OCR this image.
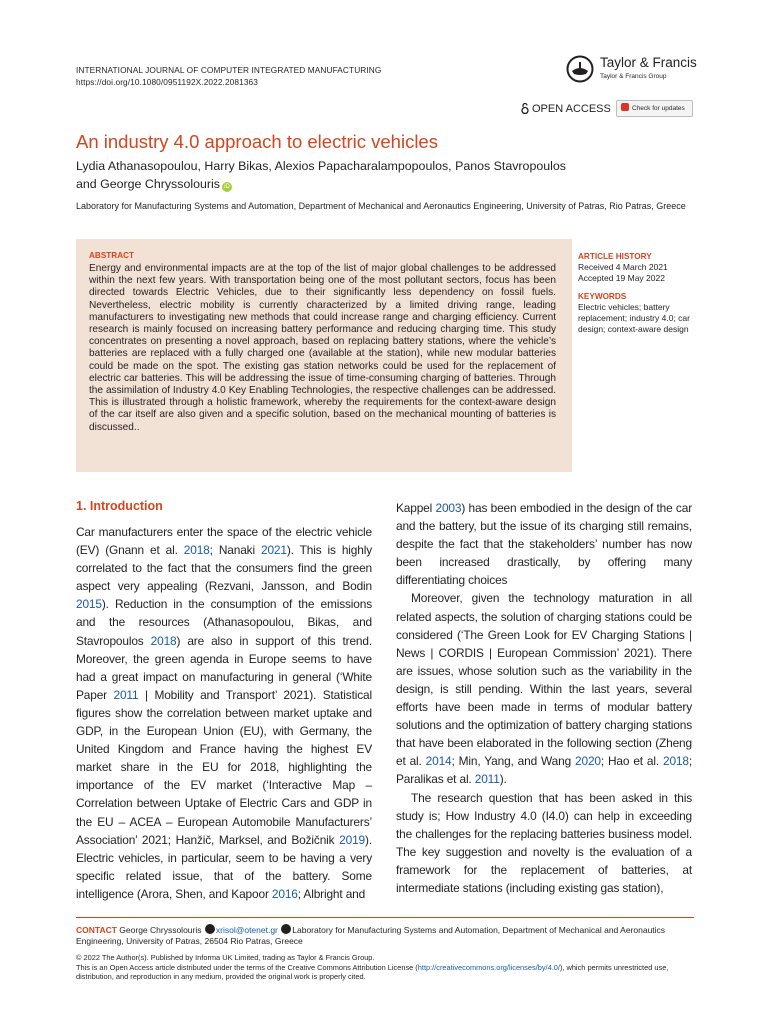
INTERNATIONAL JOURNAL OF COMPUTER INTEGRATED MANUFACTURING
https://doi.org/10.1080/0951192X.2022.2081363
Taylor & Francis
Taylor & Francis Group
OPEN ACCESS	Check for updates
An industry 4.0 approach to electric vehicles
Lydia Athanasopoulou, Harry Bikas, Alexios Papacharalampopoulos, Panos Stavropoulos
and George Chryssolouris iD
Laboratory for Manufacturing Systems and Automation, Department of Mechanical and Aeronautics Engineering, University of Patras, Rio Patras, Greece
ABSTRACT
Energy and environmental impacts are at the top of the list of major global challenges to be addressed within the next few years. With transportation being one of the most pollutant sectors, focus has been directed towards Electric Vehicles, due to their significantly less dependency on fossil fuels. Nevertheless, electric mobility is currently characterized by a limited driving range, leading manufacturers to investigating new methods that could increase range and charging efficiency. Current research is mainly focused on increasing battery performance and reducing charging time. This study concentrates on presenting a novel approach, based on replacing battery stations, where the vehicle’s batteries are replaced with a fully charged one (available at the station), while new modular batteries could be made on the spot. The existing gas station networks could be used for the replacement of electric car batteries. This will be addressing the issue of time-consuming charging of batteries. Through the assimilation of Industry 4.0 Key Enabling Technologies, the respective challenges can be addressed. This is illustrated through a holistic framework, whereby the requirements for the context-aware design of the car itself are also given and a specific solution, based on the mechanical mounting of batteries is discussed..

ARTICLE HISTORY

Received 4 March 2021

Accepted 19 May 2022

KEYWORDS

Electric vehicles; battery replacement; industry 4.0; car design; context-aware design

1. Introduction

Car manufacturers enter the space of the electric vehicle (EV) (Gnann et al. 2018; Nanaki 2021). This is highly correlated to the fact that the consumers find the green aspect very appealing (Rezvani, Jansson, and Bodin 2015). Reduction in the consumption of the emissions and the resources (Athanasopoulou, Bikas, and Stavropoulos 2018) are also in support of this trend. Moreover, the green agenda in Europe seems to have had a great impact on manufacturing in general (‘White Paper 2011 | Mobility and Transport’ 2021). Statistical figures show the correlation between market uptake and GDP, in the European Union (EU), with Germany, the United Kingdom and France having the highest EV market share in the EU for 2018, highlighting the importance of the EV market (‘Interactive Map – Correlation between Uptake of Electric Cars and GDP in the EU – ACEA – European Automobile Manufacturers’ Association’ 2021; Hanžič, Marksel, and Božičnik 2019). Electric vehicles, in particular, seem to be having a very specific related issue, that of the battery. Some intelligence (Arora, Shen, and Kapoor 2016; Albright and

Kappel 2003) has been embodied in the design of the car and the battery, but the issue of its charging still remains, despite the fact that the stakeholders’ number has now been increased drastically, by offering many differentiating choices

Moreover, given the technology maturation in all related aspects, the solution of charging stations could be considered (‘The Green Look for EV Charging Stations | News | CORDIS | European Commission’ 2021). There are issues, whose solution such as the variability in the design, is still pending. Within the last years, several efforts have been made in terms of modular battery solutions and the optimization of battery charging stations that have been elaborated in the following section (Zheng et al. 2014; Min, Yang, and Wang 2020; Hao et al. 2018; Paralikas et al. 2011).

The research question that has been asked in this study is; How Industry 4.0 (I4.0) can help in exceeding the challenges for the replacing batteries business model. The key suggestion and novelty is the evaluation of a framework for the replacement of batteries, at intermediate stations (including existing gas station),

CONTACT George Chryssolouris xrisol@otenet.gr Laboratory for Manufacturing Systems and Automation, Department of Mechanical and Aeronautics Engineering, University of Patras, 26504 Rio Patras, Greece
© 2022 The Author(s). Published by Informa UK Limited, trading as Taylor & Francis Group.
This is an Open Access article distributed under the terms of the Creative Commons Attribution License (http://creativecommons.org/licenses/by/4.0/), which permits unrestricted use, distribution, and reproduction in any medium, provided the original work is properly cited.
